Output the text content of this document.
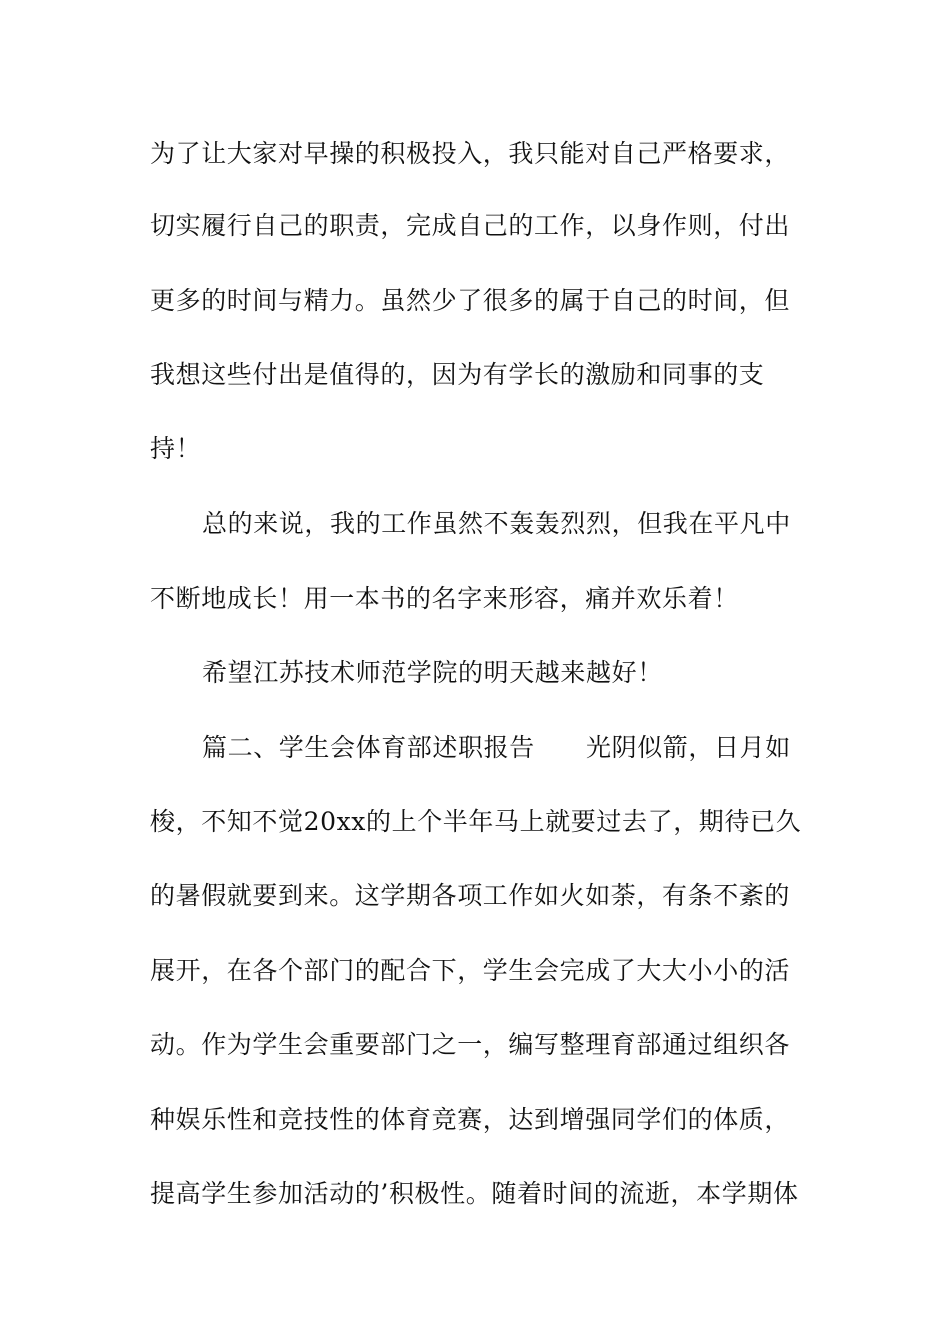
为了让大家对早操的积极投入，我只能对自己严格要求，
切实履行自己的职责，完成自己的工作，以身作则，付出
更多的时间与精力。虽然少了很多的属于自己的时间，但
我想这些付出是值得的，因为有学长的激励和同事的支
持！
总的来说，我的工作虽然不轰轰烈烈，但我在平凡中
不断地成长！用一本书的名字来形容，痛并欢乐着！
希望江苏技术师范学院的明天越来越好！
篇二、学生会体育部述职报告　　光阴似箭，日月如
梭，不知不觉20xx的上个半年马上就要过去了，期待已久
的暑假就要到来。这学期各项工作如火如荼，有条不紊的
展开，在各个部门的配合下，学生会完成了大大小小的活
动。作为学生会重要部门之一，编写整理育部通过组织各
种娱乐性和竞技性的体育竞赛，达到增强同学们的体质，
提高学生参加活动的’积极性。随着时间的流逝，本学期体
